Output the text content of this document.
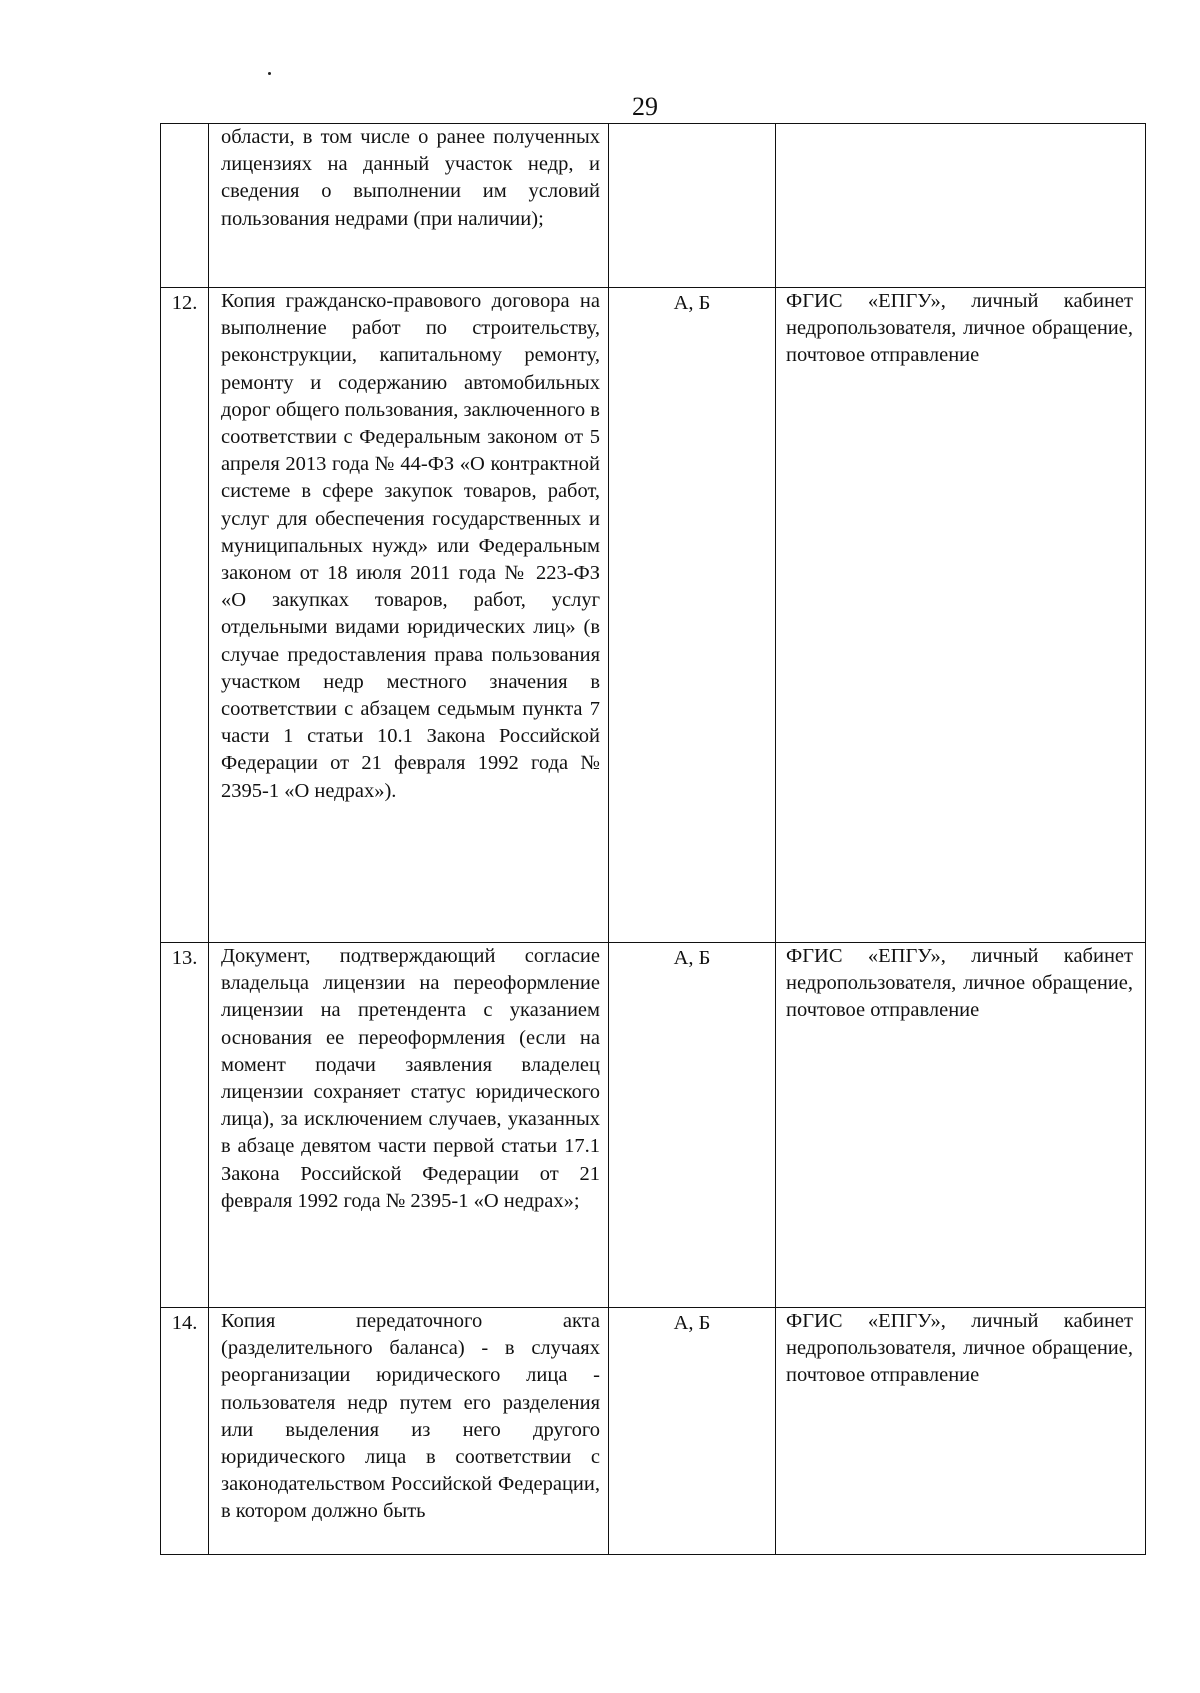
29

	области, в том числе о ранее полученных лицензиях на данный участок недр, и сведения о выполнении им условий пользования недрами (при наличии);		

12.	Копия гражданско-правового договора на выполнение работ по строительству, реконструкции, капитальному ремонту, ремонту и содержанию автомобильных дорог общего пользования, заключенного в соответствии с Федеральным законом от 5 апреля 2013 года № 44-ФЗ «О контрактной системе в сфере закупок товаров, работ, услуг для обеспечения государственных и муниципальных нужд» или Федеральным законом от 18 июля 2011 года № 223-ФЗ «О закупках товаров, работ, услуг отдельными видами юридических лиц» (в случае предоставления права пользования участком недр местного значения в соответствии с абзацем седьмым пункта 7 части 1 статьи 10.1 Закона Российской Федерации от 21 февраля 1992 года № 2395-1 «О недрах»).	А, Б	ФГИС «ЕПГУ», личный кабинет недропользователя, личное обращение, почтовое отправление
13.	Документ, подтверждающий согласие владельца лицензии на переоформление лицензии на претендента с указанием основания ее переоформления (если на момент подачи заявления владелец лицензии сохраняет статус юридического лица), за исключением случаев, указанных в абзаце девятом части первой статьи 17.1 Закона Российской Федерации от 21 февраля 1992 года № 2395-1 «О недрах»;	А, Б	ФГИС «ЕПГУ», личный кабинет недропользователя, личное обращение, почтовое отправление
14.	Копия передаточного акта (разделительного баланса) - в случаях реорганизации юридического лица - пользователя недр путем его разделения или выделения из него другого юридического лица в соответствии с законодательством Российской Федерации, в котором должно быть	А, Б	ФГИС «ЕПГУ», личный кабинет недропользователя, личное обращение, почтовое отправление
